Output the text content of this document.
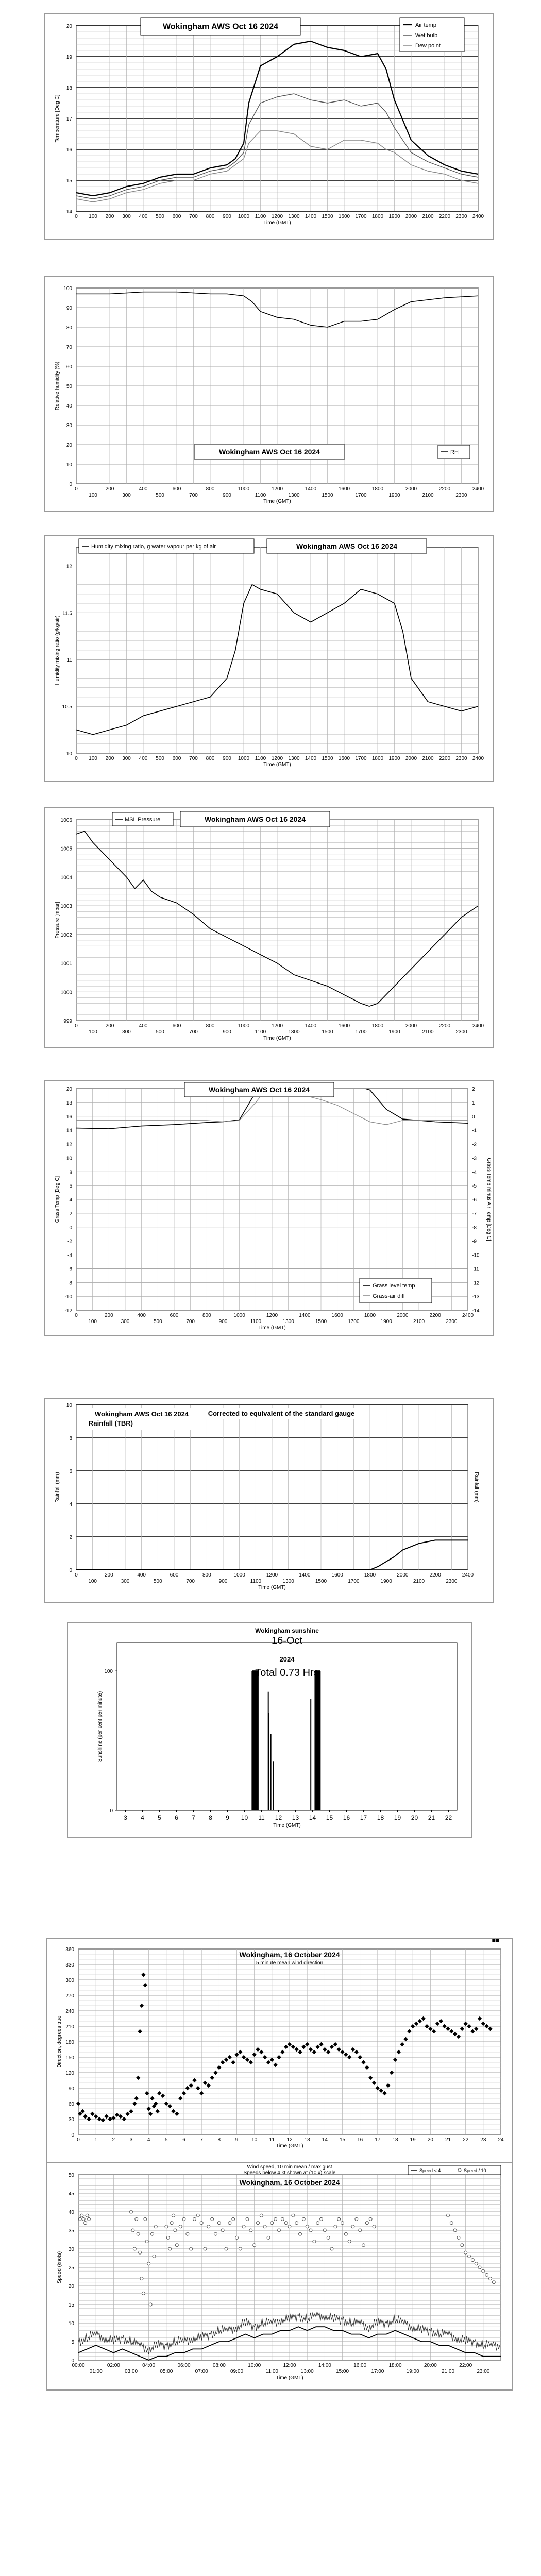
14
15
16
17
18
19
20
0 100 200 300 400 500 600 700 800 900 1000 1100 1200 1300 1400 1500 1600 1700 1800 1900 2000 2100 2200 2300 2400
Time (GMT)
Temperature [Deg C]
Wokingham AWS Oct 16 2024	Air temp
Wet bulb
Dew point
0
10
20
30
40
50
60
70
80
90
100
0	200	400	600	800	1000	1200	1400	1600	1800	2000	2200	2400
100	300	500	700	900	1100	1300	1500	1700	1900	2100	2300
Time (GMT)
Relative humidity (%)
Wokingham AWS Oct 16 2024	RH
10
10.5
11
11.5
12
0 100 200 300 400 500 600 700 800 900 1000 1100 1200 1300 1400 1500 1600 1700 1800 1900 2000 2100 2200 2300 2400
Time (GMT)
Humidity mixing ratio (g/kg/air)
Humidity mixing ratio, g water vapour per kg of air	Wokingham AWS Oct 16 2024
999
1000
1001
1002
1003
1004
1005
1006
0	200	400	600	800	1000	1200	1400	1600	1800	2000	2200	2400
100	300	500	700	900	1100	1300	1500	1700	1900	2100	2300
Time (GMT)
Pressure [mbar]
MSL Pressure	Wokingham AWS Oct 16 2024
-12
-10
-8
-6
-4
-2
0
2
4
6
8
10
12
14
16
18
20
0	200	400	600	800	1000	1200	1400	1600	1800	2000	2200	2400
100	300	500	700	900	1100	1300	1500	1700	1900	2100	2300
Time (GMT)
Grass Temp [Deg C]
-14
-13
-12
-11
-10
-9
-8
-7
-6
-5
-4
-3
-2
-1
0
1
2
Grass Temp minus Air Temp [Deg C]
Wokingham AWS Oct 16 2024
Grass level temp
Grass-air diff
0
2
4
6
8
10
0	200	400	600	800	1000	1200	1400	1600	1800	2000	2200	2400
100	300	500	700	900	1100	1300	1500	1700	1900	2100	2300
Time (GMT)
Rainfall (mm)	Rainfall (mm)
Wokingham AWS Oct 16 2024
Rainfall (TBR)
Corrected to equivalent of the standard gauge
0
100
3 4 5 6 7 8 9 10 11 12 13 14 15 16 17 18 19 20 21 22
Time (GMT)
Sunshine (per cent per minute)
Wokingham sunshine
16-Oct
2024
Total 0.73 Hrs
0
30
60
90
120
150
180
210
240
270
300
330
360
0	1	2	3	4	5	6	7	8	9	10 11 12 13 14 15 16 17 18 19 20 21 22 23 24
Time (GMT)
Direction, degrees true
Wokingham, 16 October 2024
5 minute mean wind direction
0
5
10
15
20
25
30
35
40
45
50
00:00	02:00	04:00	06:00	08:00	10:00	12:00	14:00	16:00	18:00	20:00	22:00
01:00	03:00	05:00	07:00	09:00	11:00	13:00	15:00	17:00	19:00	21:00	23:00
Time (GMT)
Speed (knots)
Wind speed, 10 min mean / max gust
Speeds below 4 kt shown at (10 x) scale
Wokingham, 16 October 2024
Speed < 4	Speed / 10
